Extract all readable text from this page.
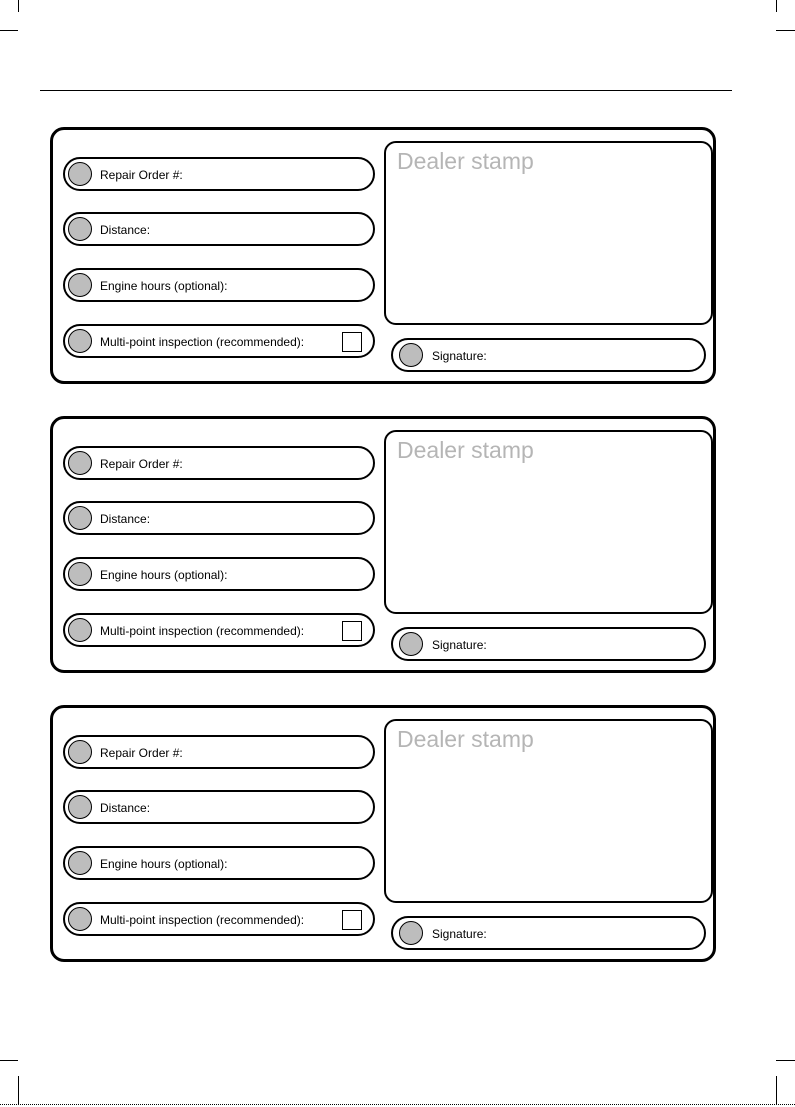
Repair Order #:
Distance:
Engine hours (optional):
Multi-point inspection (recommended):
Dealer stamp
Signature:
Repair Order #:
Distance:
Engine hours (optional):
Multi-point inspection (recommended):
Dealer stamp
Signature:
Repair Order #:
Distance:
Engine hours (optional):
Multi-point inspection (recommended):
Dealer stamp
Signature:
